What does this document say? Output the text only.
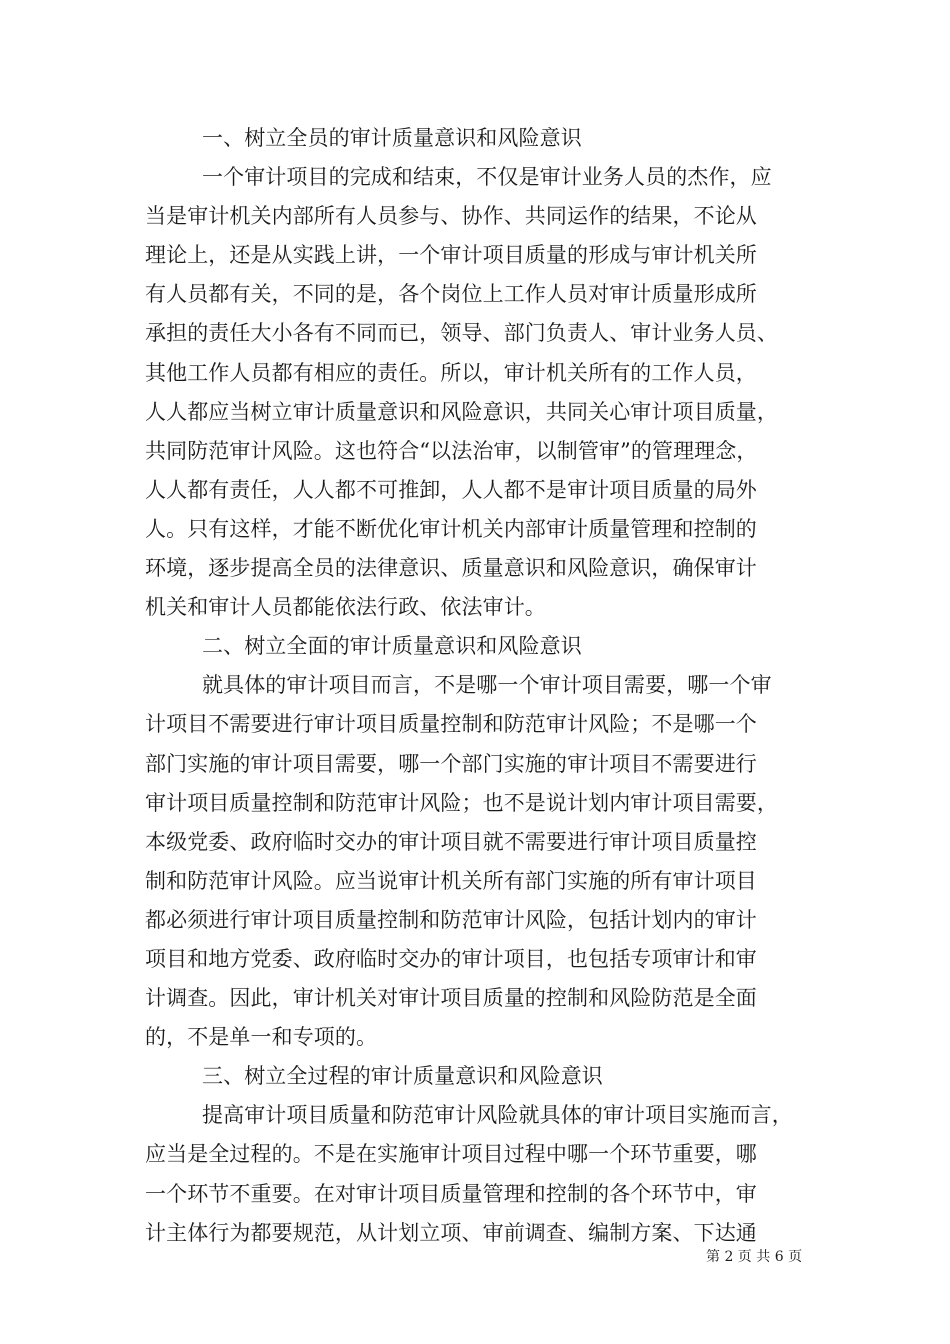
一、树立全员的审计质量意识和风险意识
一个审计项目的完成和结束，不仅是审计业务人员的杰作，应
当是审计机关内部所有人员参与、协作、共同运作的结果，不论从
理论上，还是从实践上讲，一个审计项目质量的形成与审计机关所
有人员都有关，不同的是，各个岗位上工作人员对审计质量形成所
承担的责任大小各有不同而已，领导、部门负责人、审计业务人员、
其他工作人员都有相应的责任。所以，审计机关所有的工作人员，
人人都应当树立审计质量意识和风险意识，共同关心审计项目质量，
共同防范审计风险。这也符合“以法治审，以制管审”的管理理念，
人人都有责任，人人都不可推卸，人人都不是审计项目质量的局外
人。只有这样，才能不断优化审计机关内部审计质量管理和控制的
环境，逐步提高全员的法律意识、质量意识和风险意识，确保审计
机关和审计人员都能依法行政、依法审计。
二、树立全面的审计质量意识和风险意识
就具体的审计项目而言，不是哪一个审计项目需要，哪一个审
计项目不需要进行审计项目质量控制和防范审计风险；不是哪一个
部门实施的审计项目需要，哪一个部门实施的审计项目不需要进行
审计项目质量控制和防范审计风险；也不是说计划内审计项目需要，
本级党委、政府临时交办的审计项目就不需要进行审计项目质量控
制和防范审计风险。应当说审计机关所有部门实施的所有审计项目
都必须进行审计项目质量控制和防范审计风险，包括计划内的审计
项目和地方党委、政府临时交办的审计项目，也包括专项审计和审
计调查。因此，审计机关对审计项目质量的控制和风险防范是全面
的，不是单一和专项的。
三、树立全过程的审计质量意识和风险意识
提高审计项目质量和防范审计风险就具体的审计项目实施而言，
应当是全过程的。不是在实施审计项目过程中哪一个环节重要，哪
一个环节不重要。在对审计项目质量管理和控制的各个环节中，审
计主体行为都要规范，从计划立项、审前调查、编制方案、下达通
第 2 页 共 6 页
